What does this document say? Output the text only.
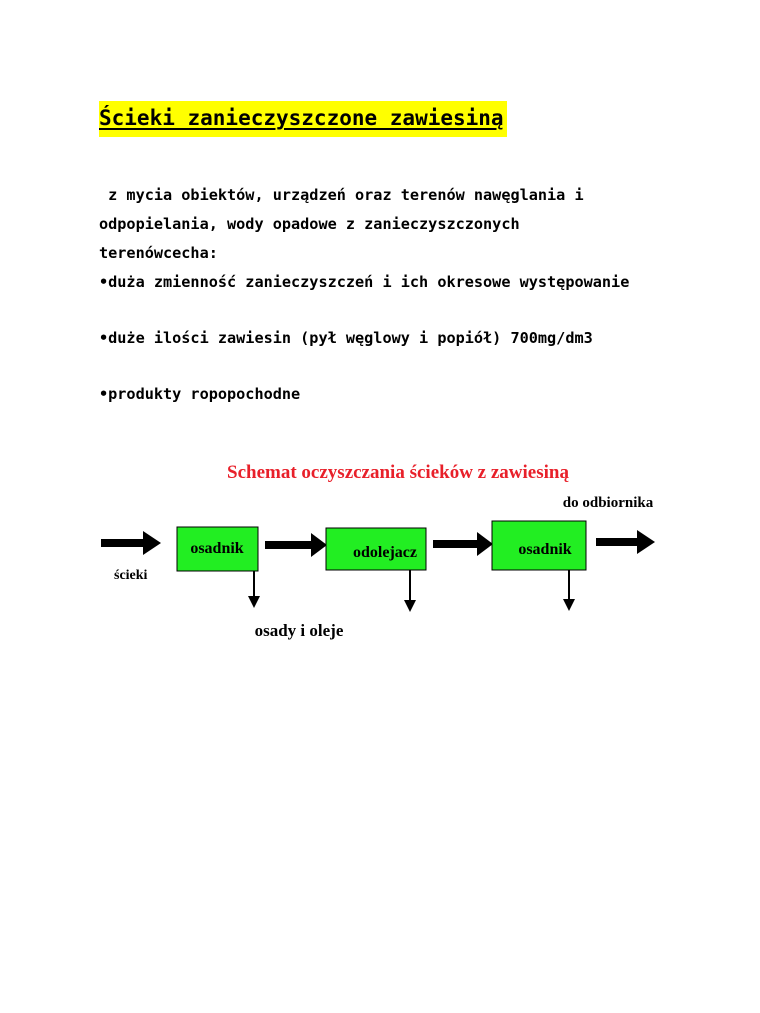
Ścieki zanieczyszczone zawiesiną

z mycia obiektów, urządzeń oraz terenów nawęglania i

odpopielania, wody opadowe z zanieczyszczonych

terenówcecha:

•duża zmienność zanieczyszczeń i ich okresowe występowanie

•duże ilości zawiesin (pył węglowy i popiół) 700mg/dm3

•produkty ropopochodne

Schemat oczyszczania ścieków z zawiesiną
do odbiornika
ścieki
osadnik	odolejacz	osadnik
osady i oleje
